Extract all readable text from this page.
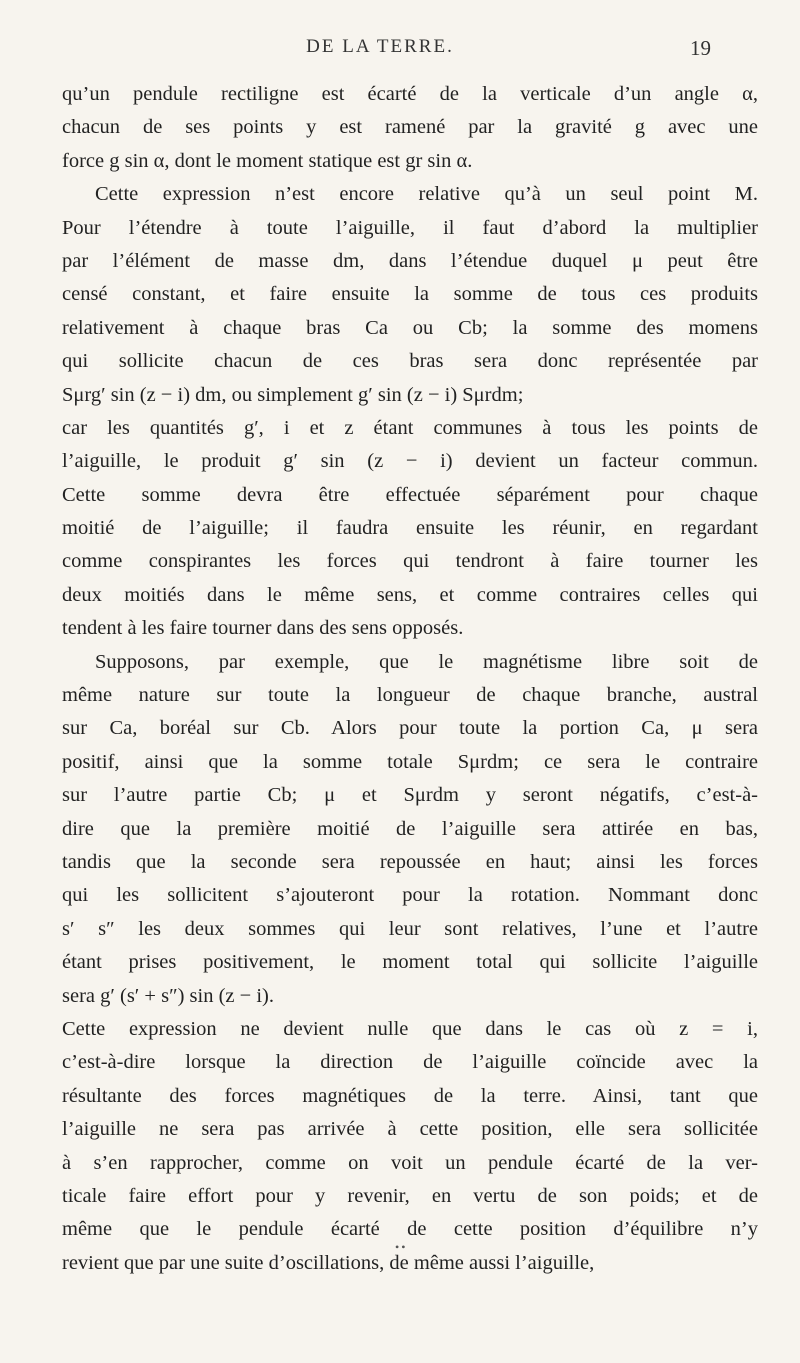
DE LA TERRE.	19
qu’un pendule rectiligne est écarté de la verticale d’un angle α,
chacun de ses points y est ramené par la gravité g avec une
force g sin α, dont le moment statique est gr sin α.
Cette expression n’est encore relative qu’à un seul point M.
Pour l’étendre à toute l’aiguille, il faut d’abord la multiplier
par l’élément de masse dm, dans l’étendue duquel μ peut être
censé constant, et faire ensuite la somme de tous ces produits
relativement à chaque bras Ca ou Cb; la somme des momens
qui sollicite chacun de ces bras sera donc représentée par
Sμrg′ sin (z − i) dm, ou simplement g′ sin (z − i) Sμrdm;
car les quantités g′, i et z étant communes à tous les points de
l’aiguille, le produit g′ sin (z − i) devient un facteur commun.
Cette somme devra être effectuée séparément pour chaque
moitié de l’aiguille; il faudra ensuite les réunir, en regardant
comme conspirantes les forces qui tendront à faire tourner les
deux moitiés dans le même sens, et comme contraires celles qui
tendent à les faire tourner dans des sens opposés.
Supposons, par exemple, que le magnétisme libre soit de
même nature sur toute la longueur de chaque branche, austral
sur Ca, boréal sur Cb. Alors pour toute la portion Ca, μ sera
positif, ainsi que la somme totale Sμrdm; ce sera le contraire
sur l’autre partie Cb; μ et Sμrdm y seront négatifs, c’est-à-
dire que la première moitié de l’aiguille sera attirée en bas,
tandis que la seconde sera repoussée en haut; ainsi les forces
qui les sollicitent s’ajouteront pour la rotation. Nommant donc
s′ s″ les deux sommes qui leur sont relatives, l’une et l’autre
étant prises positivement, le moment total qui sollicite l’aiguille
sera g′ (s′ + s″) sin (z − i).
Cette expression ne devient nulle que dans le cas où z = i,
c’est-à-dire lorsque la direction de l’aiguille coïncide avec la
résultante des forces magnétiques de la terre. Ainsi, tant que
l’aiguille ne sera pas arrivée à cette position, elle sera sollicitée
à s’en rapprocher, comme on voit un pendule écarté de la ver-
ticale faire effort pour y revenir, en vertu de son poids; et de
même que le pendule écarté de cette position d’équilibre n’y
revient que par une suite d’oscillations, de même aussi l’aiguille,
••
